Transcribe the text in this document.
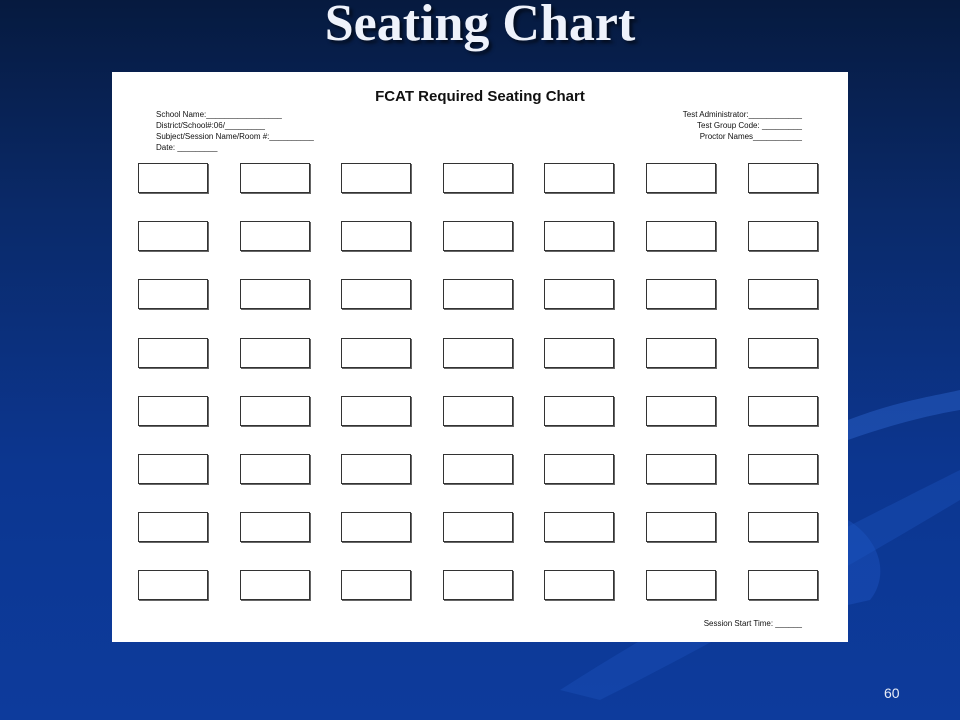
Seating Chart
FCAT Required Seating Chart
School Name:_________________
District/School#:06/_________
Subject/Session Name/Room #:__________
Date: _________
Test Administrator:____________
Test Group Code: _________
Proctor Names___________
Session Start Time: ______
60
